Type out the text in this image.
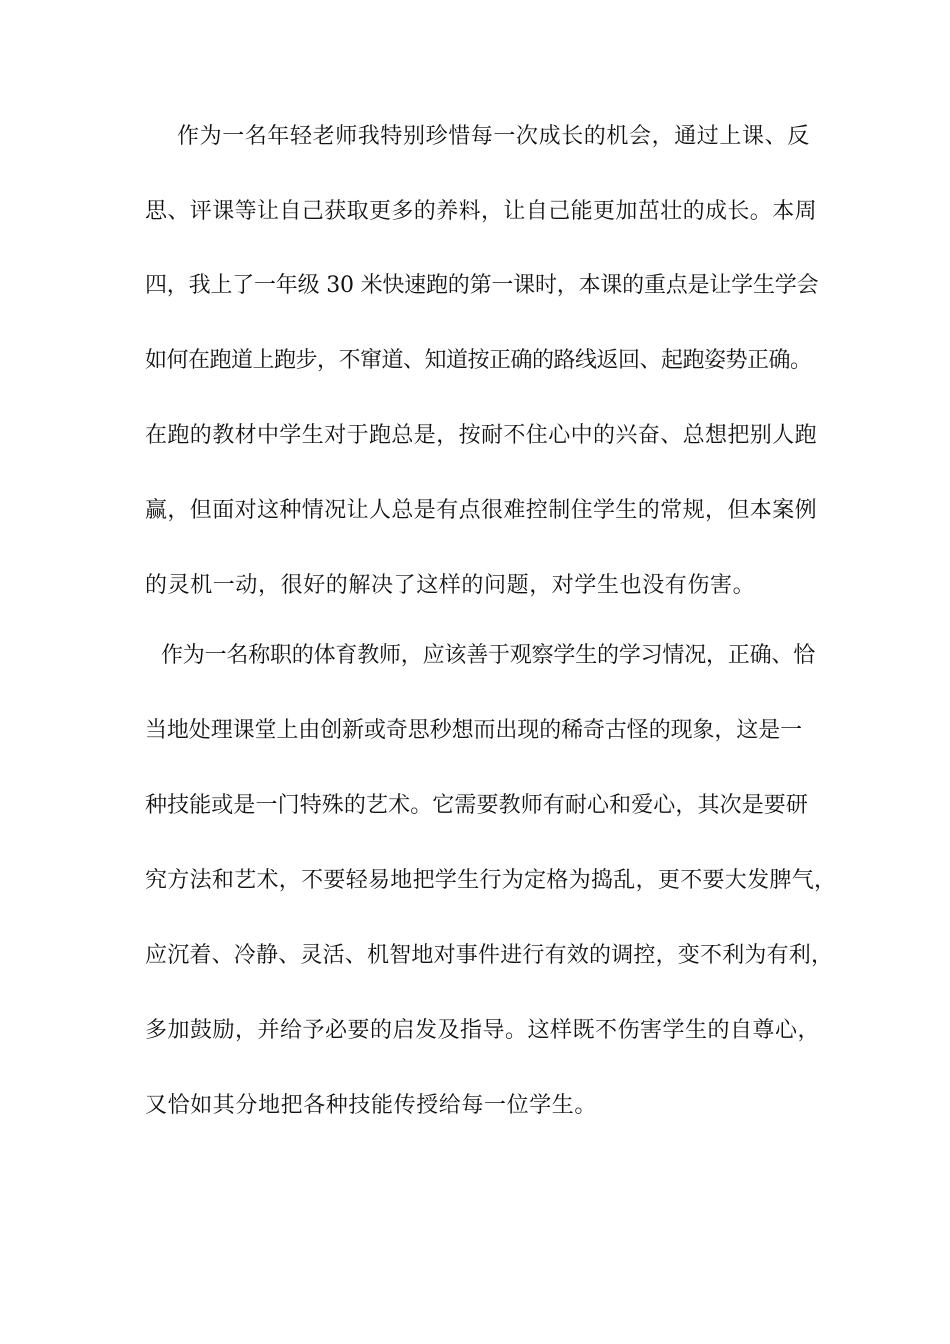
作为一名年轻老师我特别珍惜每一次成长的机会，通过上课、反
思、评课等让自己获取更多的养料，让自己能更加茁壮的成长。本周
四，我上了一年级 30 米快速跑的第一课时，本课的重点是让学生学会
如何在跑道上跑步，不窜道、知道按正确的路线返回、起跑姿势正确。
在跑的教材中学生对于跑总是，按耐不住心中的兴奋、总想把别人跑
赢，但面对这种情况让人总是有点很难控制住学生的常规，但本案例
的灵机一动，很好的解决了这样的问题，对学生也没有伤害。
作为一名称职的体育教师，应该善于观察学生的学习情况，正确、恰
当地处理课堂上由创新或奇思秒想而出现的稀奇古怪的现象，这是一
种技能或是一门特殊的艺术。它需要教师有耐心和爱心，其次是要研
究方法和艺术，不要轻易地把学生行为定格为捣乱，更不要大发脾气，
应沉着、冷静、灵活、机智地对事件进行有效的调控，变不利为有利，
多加鼓励，并给予必要的启发及指导。这样既不伤害学生的自尊心，
又恰如其分地把各种技能传授给每一位学生。
